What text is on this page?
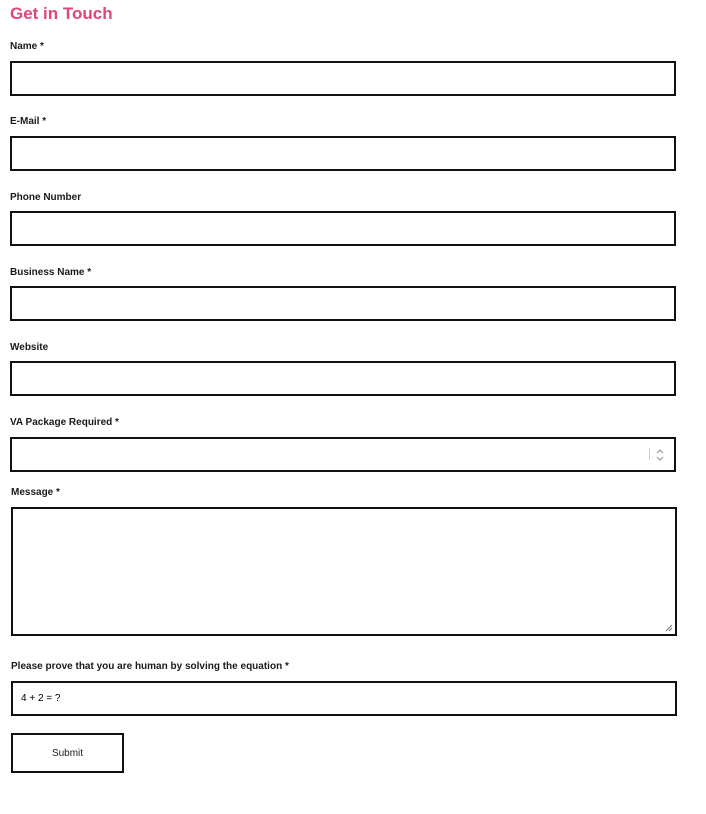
Get in Touch
Name *
E-Mail *
Phone Number
Business Name *
Website
VA Package Required *
Message *
Please prove that you are human by solving the equation *
4 + 2 = ?
Submit
